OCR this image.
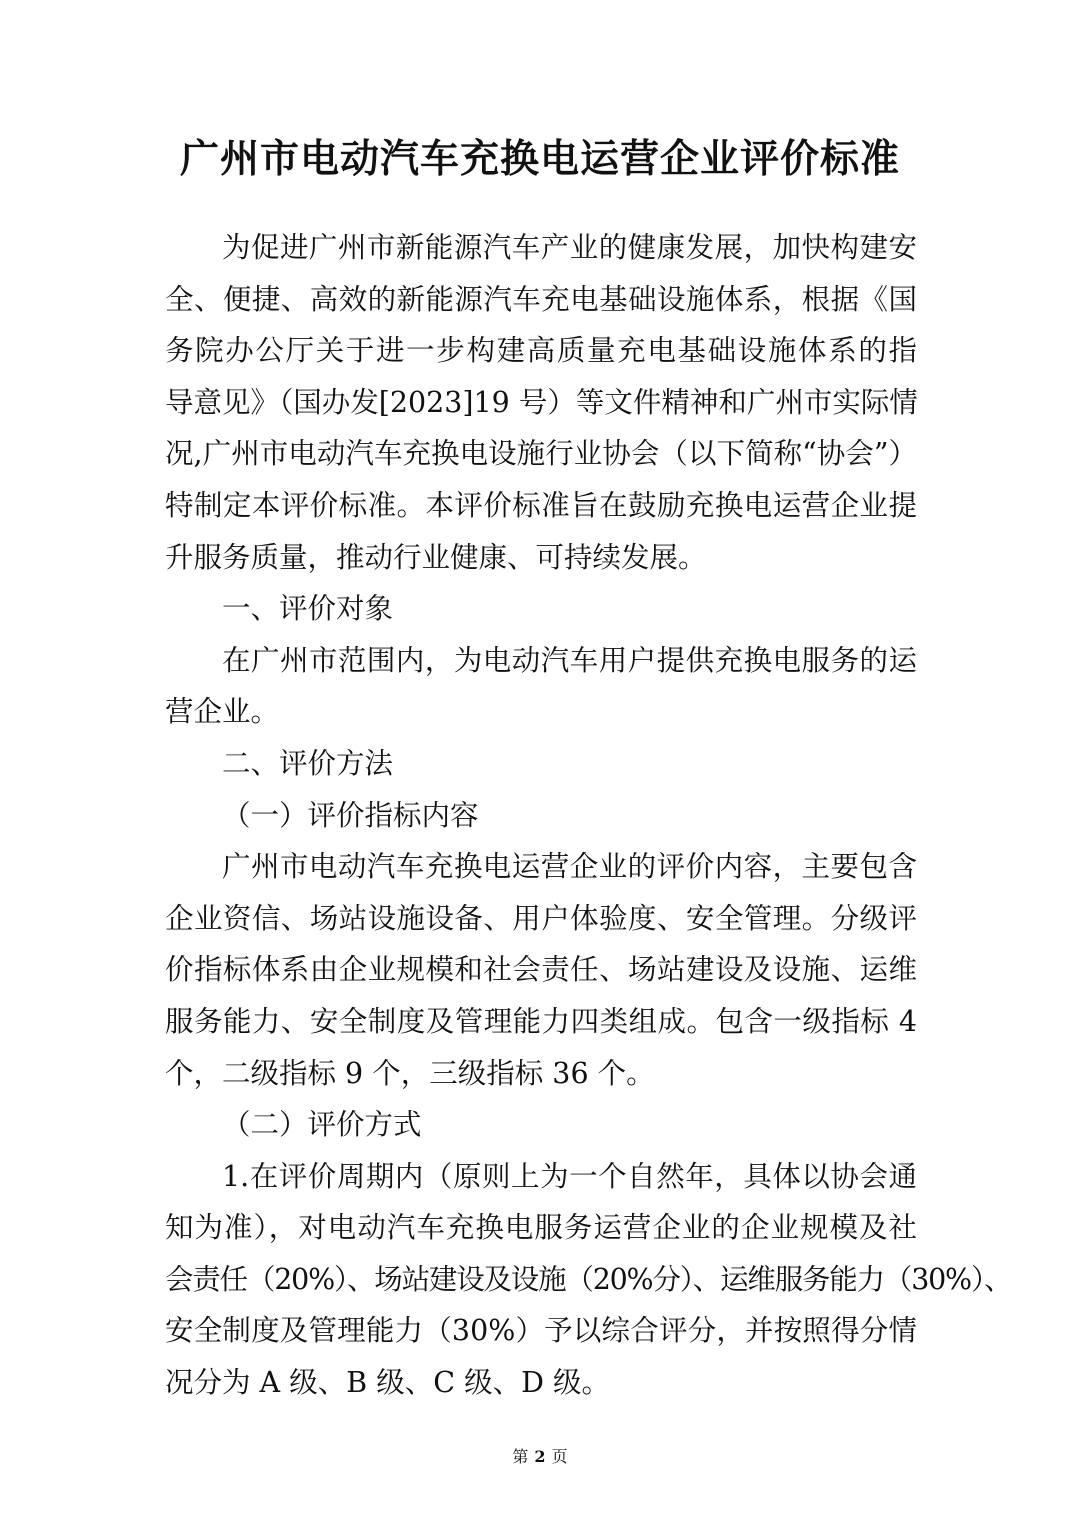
广州市电动汽车充换电运营企业评价标准
为促进广州市新能源汽车产业的健康发展，加快构建安
全、便捷、高效的新能源汽车充电基础设施体系，根据《国
务院办公厅关于进一步构建高质量充电基础设施体系的指
导意见》（国办发[2023]19 号）等文件精神和广州市实际情
况,广州市电动汽车充换电设施行业协会（以下简称“协会”）
特制定本评价标准。本评价标准旨在鼓励充换电运营企业提
升服务质量，推动行业健康、可持续发展。
一、评价对象
在广州市范围内，为电动汽车用户提供充换电服务的运
营企业。
二、评价方法
（一）评价指标内容
广州市电动汽车充换电运营企业的评价内容，主要包含
企业资信、场站设施设备、用户体验度、安全管理。分级评
价指标体系由企业规模和社会责任、场站建设及设施、运维
服务能力、安全制度及管理能力四类组成。包含一级指标 4
个，二级指标 9 个，三级指标 36 个。
（二）评价方式
1.在评价周期内（原则上为一个自然年，具体以协会通
知为准），对电动汽车充换电服务运营企业的企业规模及社
会责任（20%）、场站建设及设施（20%分）、运维服务能力（30%）、
安全制度及管理能力（30%）予以综合评分，并按照得分情
况分为 A 级、B 级、C 级、D 级。
第 2 页
